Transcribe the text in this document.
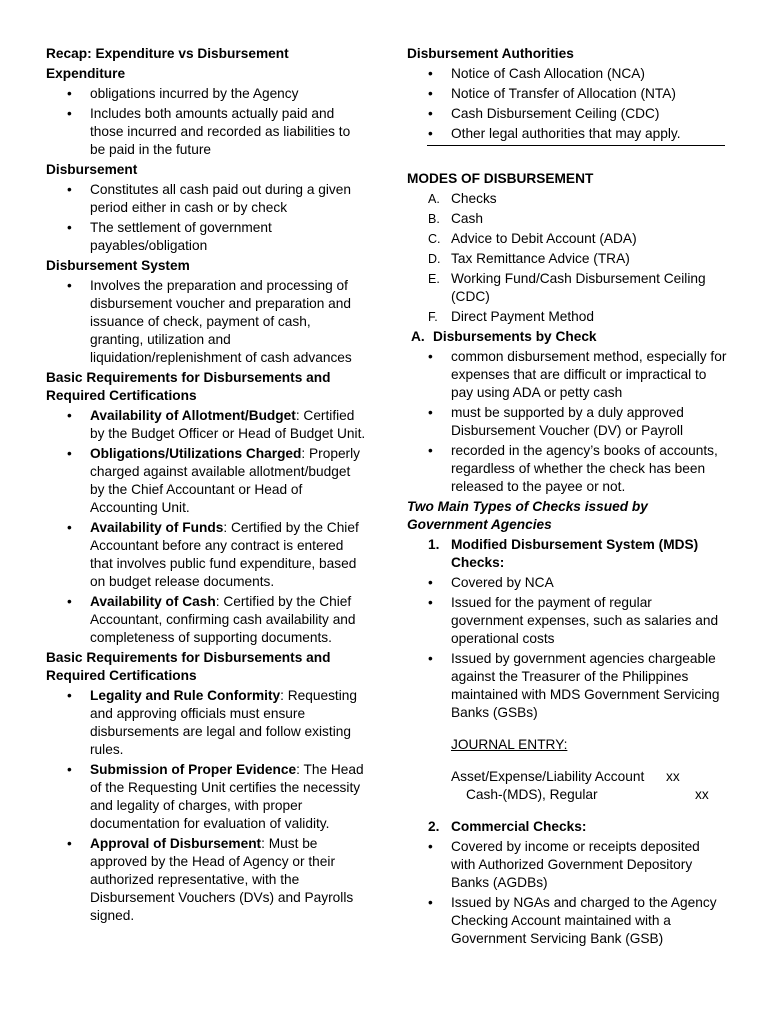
Recap: Expenditure vs Disbursement
Expenditure
• obligations incurred by the Agency
• Includes both amounts actually paid and those incurred and recorded as liabilities to be paid in the future
Disbursement
• Constitutes all cash paid out during a given period either in cash or by check
• The settlement of government payables/obligation
Disbursement System
• Involves the preparation and processing of disbursement voucher and preparation and issuance of check, payment of cash, granting, utilization and liquidation/replenishment of cash advances
Basic Requirements for Disbursements and Required Certifications
• Availability of Allotment/Budget: Certified by the Budget Officer or Head of Budget Unit.
• Obligations/Utilizations Charged: Properly charged against available allotment/budget by the Chief Accountant or Head of Accounting Unit.
• Availability of Funds: Certified by the Chief Accountant before any contract is entered that involves public fund expenditure, based on budget release documents.
• Availability of Cash: Certified by the Chief Accountant, confirming cash availability and completeness of supporting documents.
Basic Requirements for Disbursements and Required Certifications
• Legality and Rule Conformity: Requesting and approving officials must ensure disbursements are legal and follow existing rules.
• Submission of Proper Evidence: The Head of the Requesting Unit certifies the necessity and legality of charges, with proper documentation for evaluation of validity.
• Approval of Disbursement: Must be approved by the Head of Agency or their authorized representative, with the Disbursement Vouchers (DVs) and Payrolls signed.
Disbursement Authorities
• Notice of Cash Allocation (NCA)
• Notice of Transfer of Allocation (NTA)
• Cash Disbursement Ceiling (CDC)
• Other legal authorities that may apply.
MODES OF DISBURSEMENT
A. Checks
B. Cash
C. Advice to Debit Account (ADA)
D. Tax Remittance Advice (TRA)
E. Working Fund/Cash Disbursement Ceiling (CDC)
F. Direct Payment Method
A. Disbursements by Check
• common disbursement method, especially for expenses that are difficult or impractical to pay using ADA or petty cash
• must be supported by a duly approved Disbursement Voucher (DV) or Payroll
• recorded in the agency’s books of accounts, regardless of whether the check has been released to the payee or not.
Two Main Types of Checks issued by Government Agencies
1. Modified Disbursement System (MDS) Checks:
• Covered by NCA
• Issued for the payment of regular government expenses, such as salaries and operational costs
• Issued by government agencies chargeable against the Treasurer of the Philippines maintained with MDS Government Servicing Banks (GSBs)
JOURNAL ENTRY:
Asset/Expense/Liability Account xx
Cash-(MDS), Regular	xx
2. Commercial Checks:
• Covered by income or receipts deposited with Authorized Government Depository Banks (AGDBs)
• Issued by NGAs and charged to the Agency Checking Account maintained with a Government Servicing Bank (GSB)
